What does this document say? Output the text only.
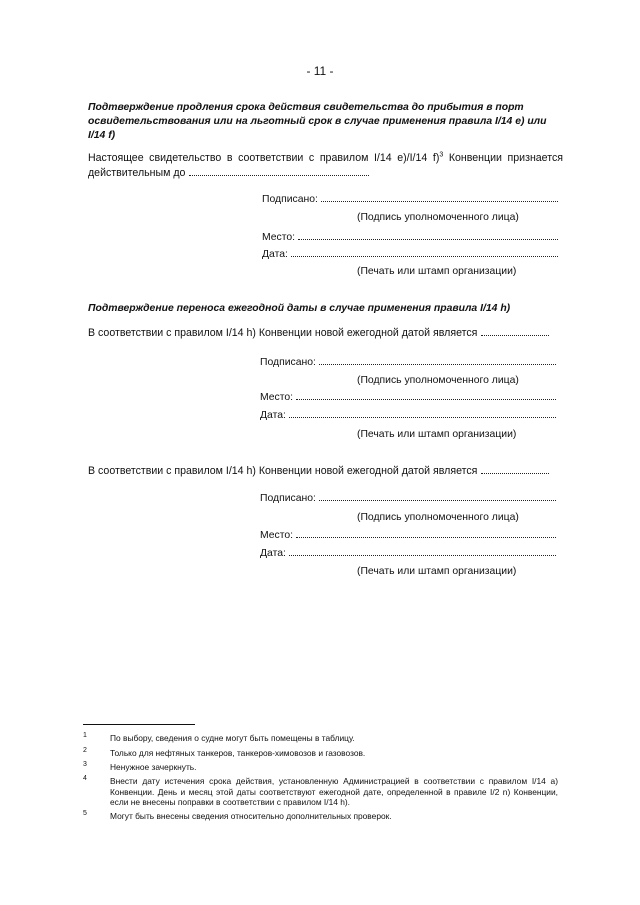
- 11 -
Подтверждение продления срока действия свидетельства до прибытия в порт освидетельствования или на льготный срок в случае применения правила I/14 e) или I/14 f)
Настоящее свидетельство в соответствии с правилом I/14 e)/I/14 f)$^3$ Конвенции признается действительным до
Подписано:
(Подпись уполномоченного лица)
Место:
Дата:
(Печать или штамп организации)
Подтверждение переноса ежегодной даты в случае применения правила I/14 h)
В соответствии с правилом I/14 h) Конвенции новой ежегодной датой является
Подписано:
(Подпись уполномоченного лица)
Место:
Дата:
(Печать или штамп организации)
В соответствии с правилом I/14 h) Конвенции новой ежегодной датой является
Подписано:
(Подпись уполномоченного лица)
Место:
Дата:
(Печать или штамп организации)
1	По выбору, сведения о судне могут быть помещены в таблицу.
2	Только для нефтяных танкеров, танкеров-химовозов и газовозов.
3	Ненужное зачеркнуть.
4	Внести дату истечения срока действия, установленную Администрацией в соответствии с правилом I/14 a) Конвенции. День и месяц этой даты соответствуют ежегодной дате, определенной в правиле I/2 n) Конвенции, если не внесены поправки в соответствии с правилом I/14 h).
5	Могут быть внесены сведения относительно дополнительных проверок.
